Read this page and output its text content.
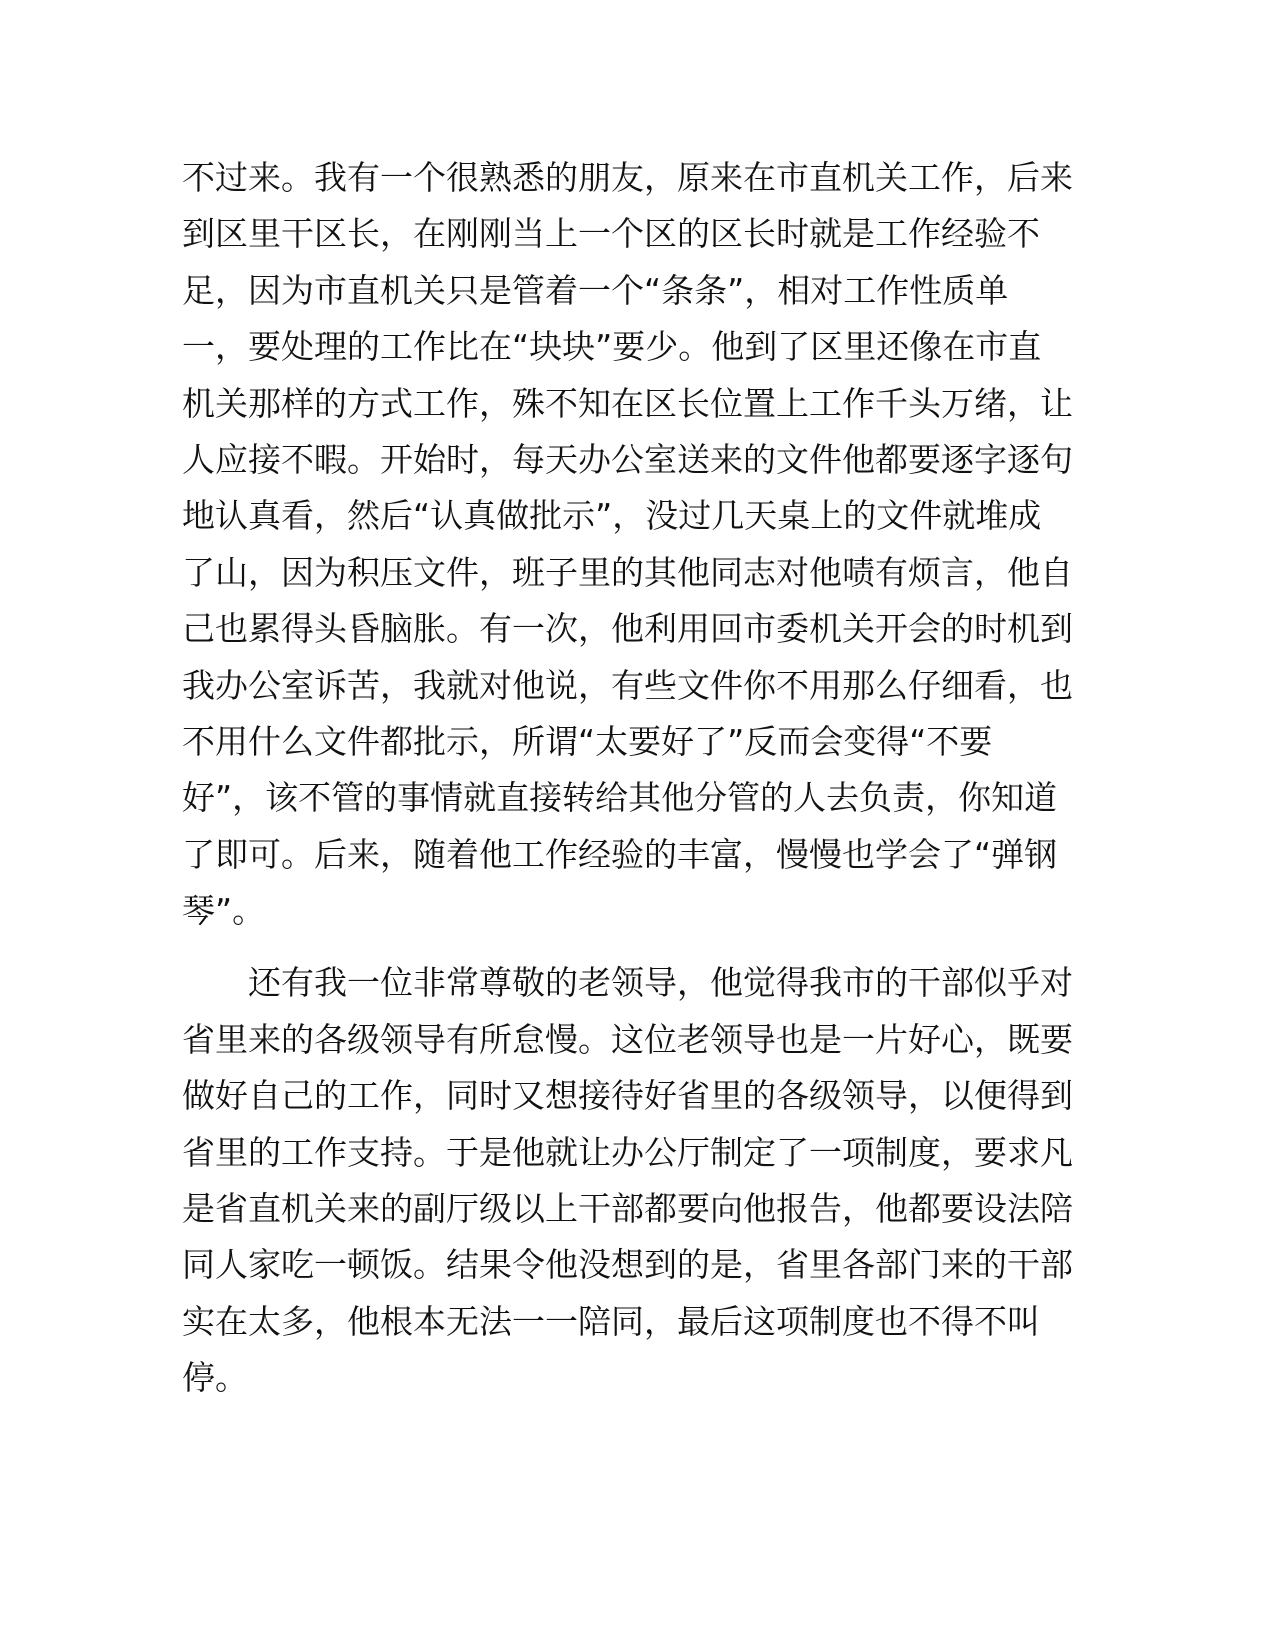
不过来。我有一个很熟悉的朋友，原来在市直机关工作，后来
到区里干区长，在刚刚当上一个区的区长时就是工作经验不
足，因为市直机关只是管着一个“条条”，相对工作性质单
一，要处理的工作比在“块块”要少。他到了区里还像在市直
机关那样的方式工作，殊不知在区长位置上工作千头万绪，让
人应接不暇。开始时，每天办公室送来的文件他都要逐字逐句
地认真看，然后“认真做批示”，没过几天桌上的文件就堆成
了山，因为积压文件，班子里的其他同志对他啧有烦言，他自
己也累得头昏脑胀。有一次，他利用回市委机关开会的时机到
我办公室诉苦，我就对他说，有些文件你不用那么仔细看，也
不用什么文件都批示，所谓“太要好了”反而会变得“不要
好”，该不管的事情就直接转给其他分管的人去负责，你知道
了即可。后来，随着他工作经验的丰富，慢慢也学会了“弹钢
琴”。

还有我一位非常尊敬的老领导，他觉得我市的干部似乎对
省里来的各级领导有所怠慢。这位老领导也是一片好心，既要
做好自己的工作，同时又想接待好省里的各级领导，以便得到
省里的工作支持。于是他就让办公厅制定了一项制度，要求凡
是省直机关来的副厅级以上干部都要向他报告，他都要设法陪
同人家吃一顿饭。结果令他没想到的是，省里各部门来的干部
实在太多，他根本无法一一陪同，最后这项制度也不得不叫
停。
